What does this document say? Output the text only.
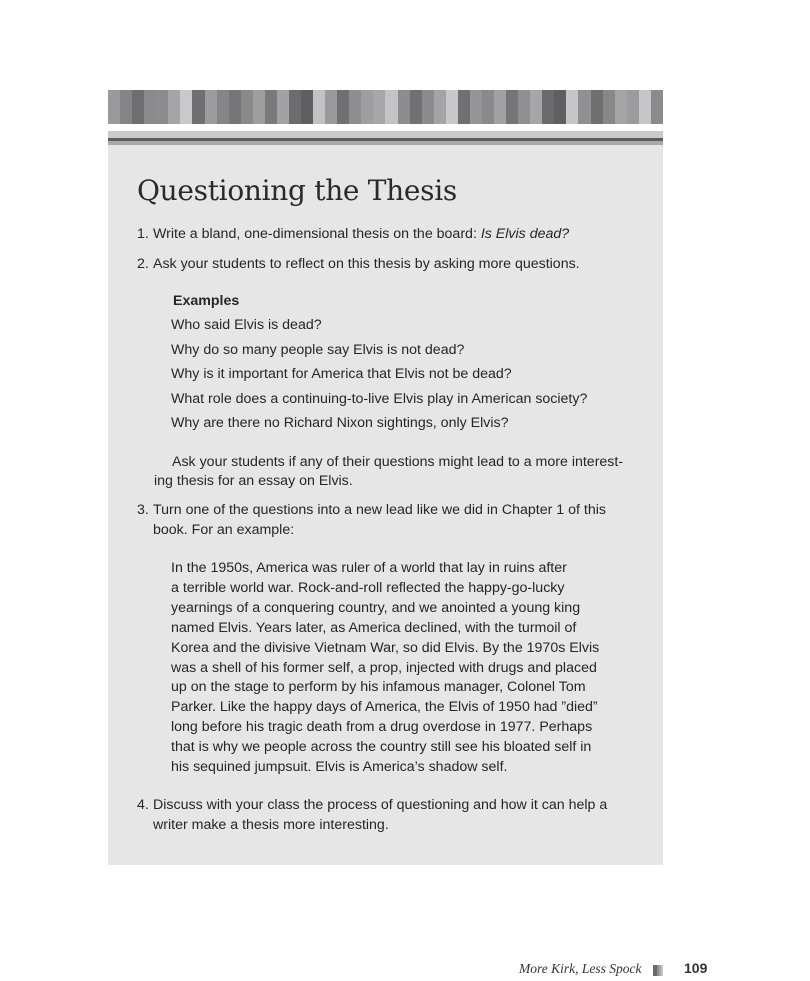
Questioning the Thesis
1. Write a bland, one-dimensional thesis on the board: Is Elvis dead?
2. Ask your students to reflect on this thesis by asking more questions.
Examples
Who said Elvis is dead?
Why do so many people say Elvis is not dead?
Why is it important for America that Elvis not be dead?
What role does a continuing-to-live Elvis play in American society?
Why are there no Richard Nixon sightings, only Elvis?
Ask your students if any of their questions might lead to a more interest-
ing thesis for an essay on Elvis.
3. Turn one of the questions into a new lead like we did in Chapter 1 of this
book. For an example:
In the 1950s, America was ruler of a world that lay in ruins after
a terrible world war. Rock-and-roll reflected the happy-go-lucky
yearnings of a conquering country, and we anointed a young king
named Elvis. Years later, as America declined, with the turmoil of
Korea and the divisive Vietnam War, so did Elvis. By the 1970s Elvis
was a shell of his former self, a prop, injected with drugs and placed
up on the stage to perform by his infamous manager, Colonel Tom
Parker. Like the happy days of America, the Elvis of 1950 had ”died”
long before his tragic death from a drug overdose in 1977. Perhaps
that is why we people across the country still see his bloated self in
his sequined jumpsuit. Elvis is America’s shadow self.
4. Discuss with your class the process of questioning and how it can help a
writer make a thesis more interesting.
More Kirk, Less Spock	109
